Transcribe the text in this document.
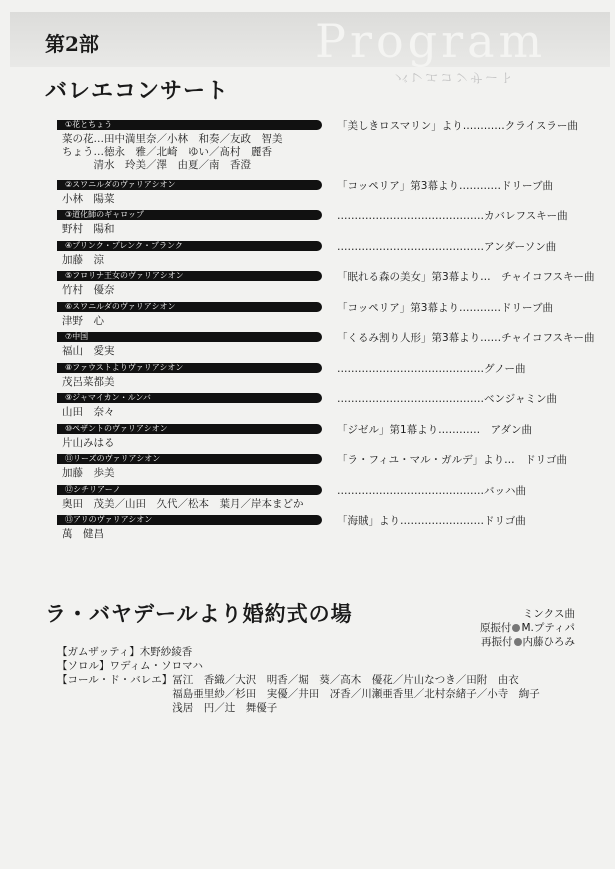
Program
第2部
バレエコンサート
バレエコンサート
①花とちょう	「美しきロスマリン」より…………クライスラー曲
菜の花…田中満里奈／小林　和奏／友政　智美
ちょう…徳永　雅／北崎　ゆい／髙村　麗香
　　　清水　玲美／澤　由夏／南　香澄
②スワニルダのヴァリアシオン	「コッペリア」第3幕より…………ドリーブ曲
小林　陽菜
③道化師のギャロップ	……………………………………カバレフスキー曲
野村　陽和
④プリンク・プレンク・プランク	……………………………………アンダーソン曲
加藤　涼
⑤フロリナ王女のヴァリアシオン	「眠れる森の美女」第3幕より…　チャイコフスキー曲
竹村　優奈
⑥スワニルダのヴァリアシオン	「コッペリア」第3幕より…………ドリーブ曲
津野　心
⑦中国	「くるみ割り人形」第3幕より……チャイコフスキー曲
福山　愛実
⑧ファウストよりヴァリアシオン	……………………………………グノー曲
茂呂菜都美
⑨ジャマイカン・ルンバ	……………………………………ベンジャミン曲
山田　奈々
⑩ペザントのヴァリアシオン	「ジゼル」第1幕より…………　アダン曲
片山みはる
⑪リーズのヴァリアシオン	「ラ・フィユ・マル・ガルデ」より…　ドリゴ曲
加藤　歩美
⑫シチリアーノ	……………………………………バッハ曲
奥田　茂美／山田　久代／松本　葉月／岸本まどか
⑬アリのヴァリアシオン	「海賊」より……………………ドリゴ曲
萬　健昌
ラ・バヤデールより婚約式の場	ミンクス曲
原振付 M.プティパ
再振付 内藤ひろみ
【ガムザッティ】 木野紗綾香
【ソロル】 ワディム・ソロマハ
【コール・ド・バレエ】 冨江　香織／大沢　明香／堀　葵／高木　優花／片山なつき／田附　由衣
福島亜里紗／杉田　実優／井田　冴香／川瀬亜香里／北村奈緒子／小寺　絢子
浅居　円／辻　舞優子
